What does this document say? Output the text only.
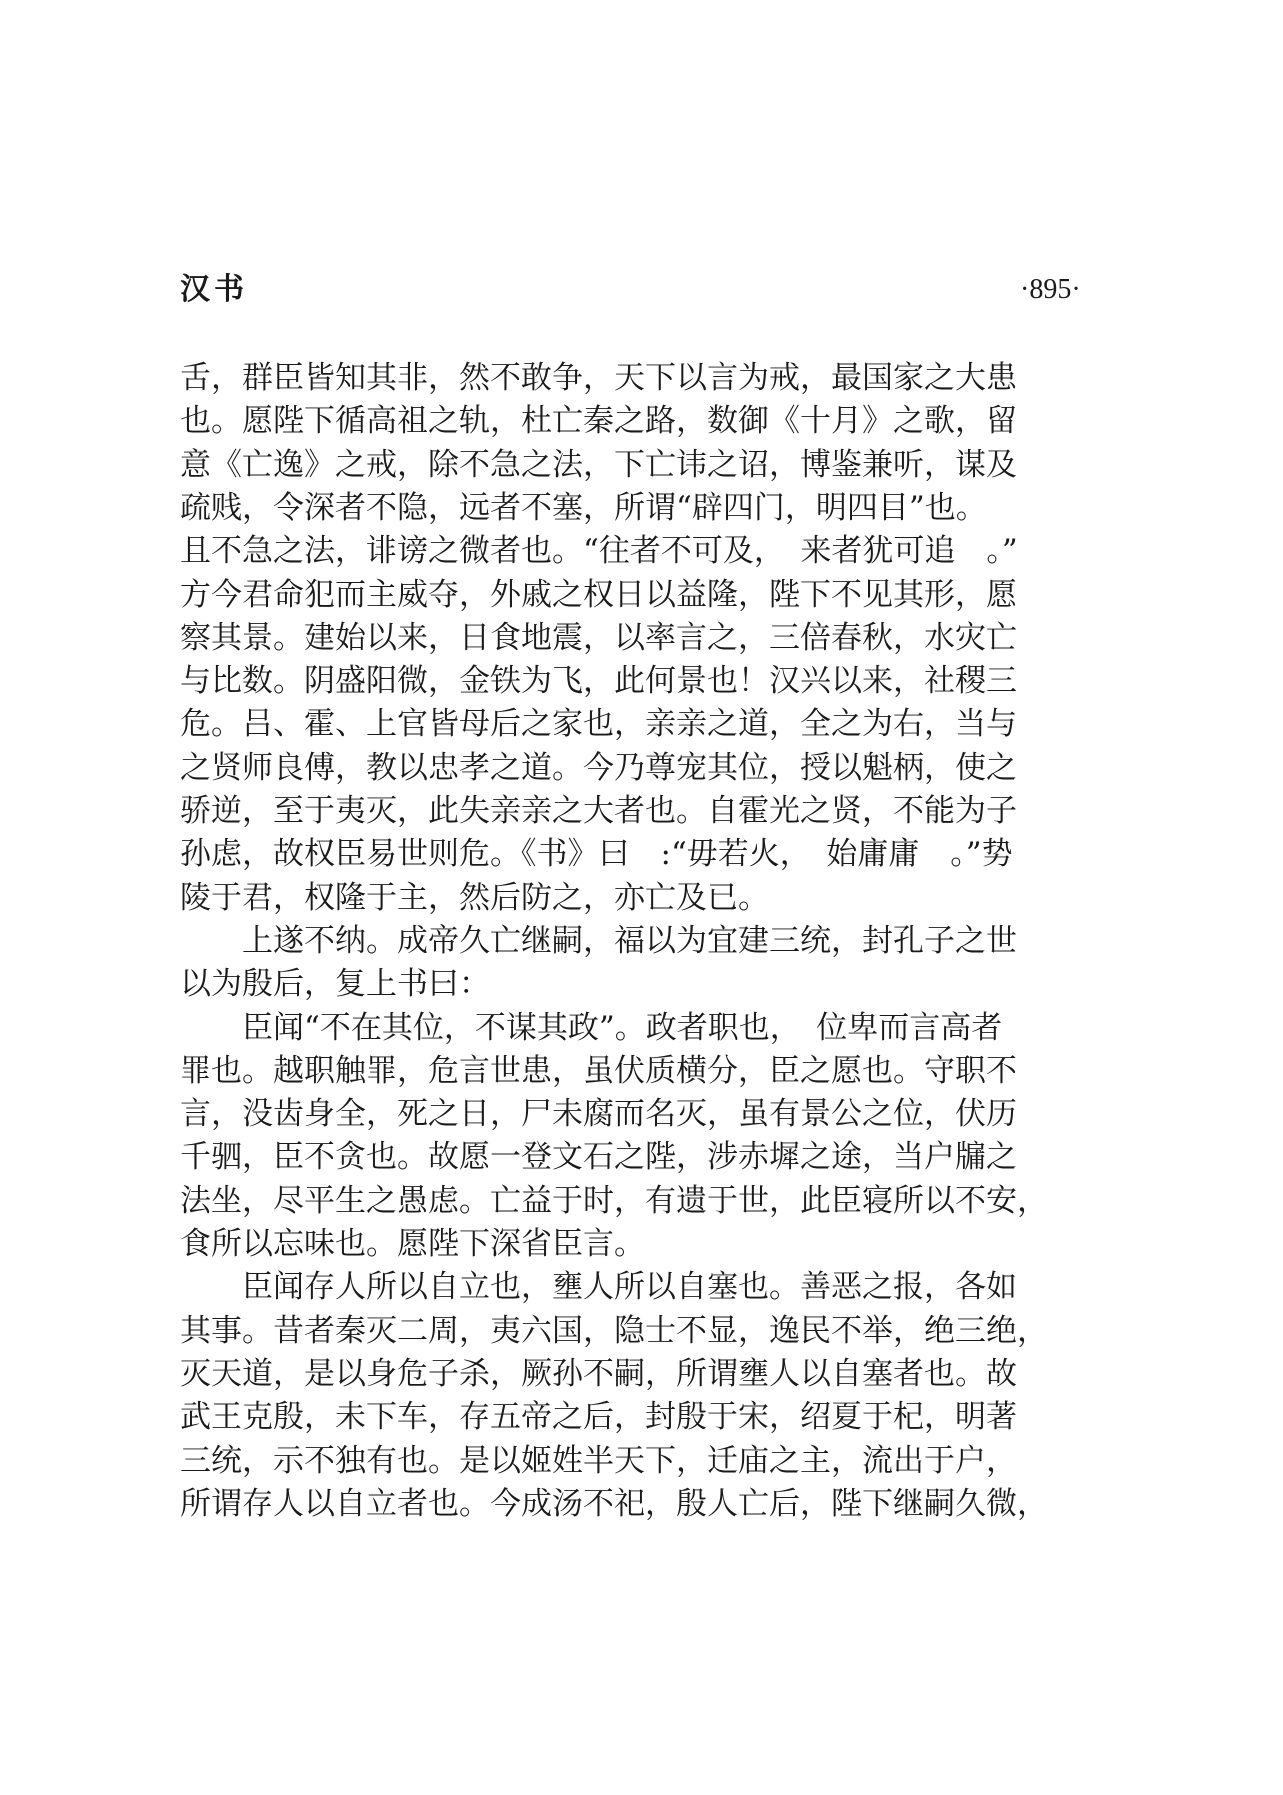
汉书	·895·
舌，群臣皆知其非，然不敢争，天下以言为戒，最国家之大患
也。愿陛下循高祖之轨，杜亡秦之路，数御《十月》之歌，留
意《亡逸》之戒，除不急之法，下亡讳之诏，博鉴兼听，谋及
疏贱，令深者不隐，远者不塞，所谓“辟四门，明四目”也。
且不急之法，诽谤之微者也。“往者不可及，　来者犹可追　。”
方今君命犯而主威夺，外戚之权日以益隆，陛下不见其形，愿
察其景。建始以来，日食地震，以率言之，三倍春秋，水灾亡
与比数。阴盛阳微，金铁为飞，此何景也！汉兴以来，社稷三
危。吕、霍、上官皆母后之家也，亲亲之道，全之为右，当与
之贤师良傅，教以忠孝之道。今乃尊宠其位，授以魁柄，使之
骄逆，至于夷灭，此失亲亲之大者也。自霍光之贤，不能为子
孙虑，故权臣易世则危。《书》曰　:“毋若火，　始庸庸　。”势
陵于君，权隆于主，然后防之，亦亡及已。
上遂不纳。成帝久亡继嗣，福以为宜建三统，封孔子之世
以为殷后，复上书曰：
臣闻“不在其位，不谋其政”。政者职也，　位卑而言高者
罪也。越职触罪，危言世患，虽伏质横分，臣之愿也。守职不
言，没齿身全，死之日，尸未腐而名灭，虽有景公之位，伏历
千驷，臣不贪也。故愿一登文石之陛，涉赤墀之途，当户牖之
法坐，尽平生之愚虑。亡益于时，有遗于世，此臣寝所以不安，
食所以忘味也。愿陛下深省臣言。
臣闻存人所以自立也，壅人所以自塞也。善恶之报，各如
其事。昔者秦灭二周，夷六国，隐士不显，逸民不举，绝三绝，
灭天道，是以身危子杀，厥孙不嗣，所谓壅人以自塞者也。故
武王克殷，未下车，存五帝之后，封殷于宋，绍夏于杞，明著
三统，示不独有也。是以姬姓半天下，迁庙之主，流出于户，
所谓存人以自立者也。今成汤不祀，殷人亡后，陛下继嗣久微，
